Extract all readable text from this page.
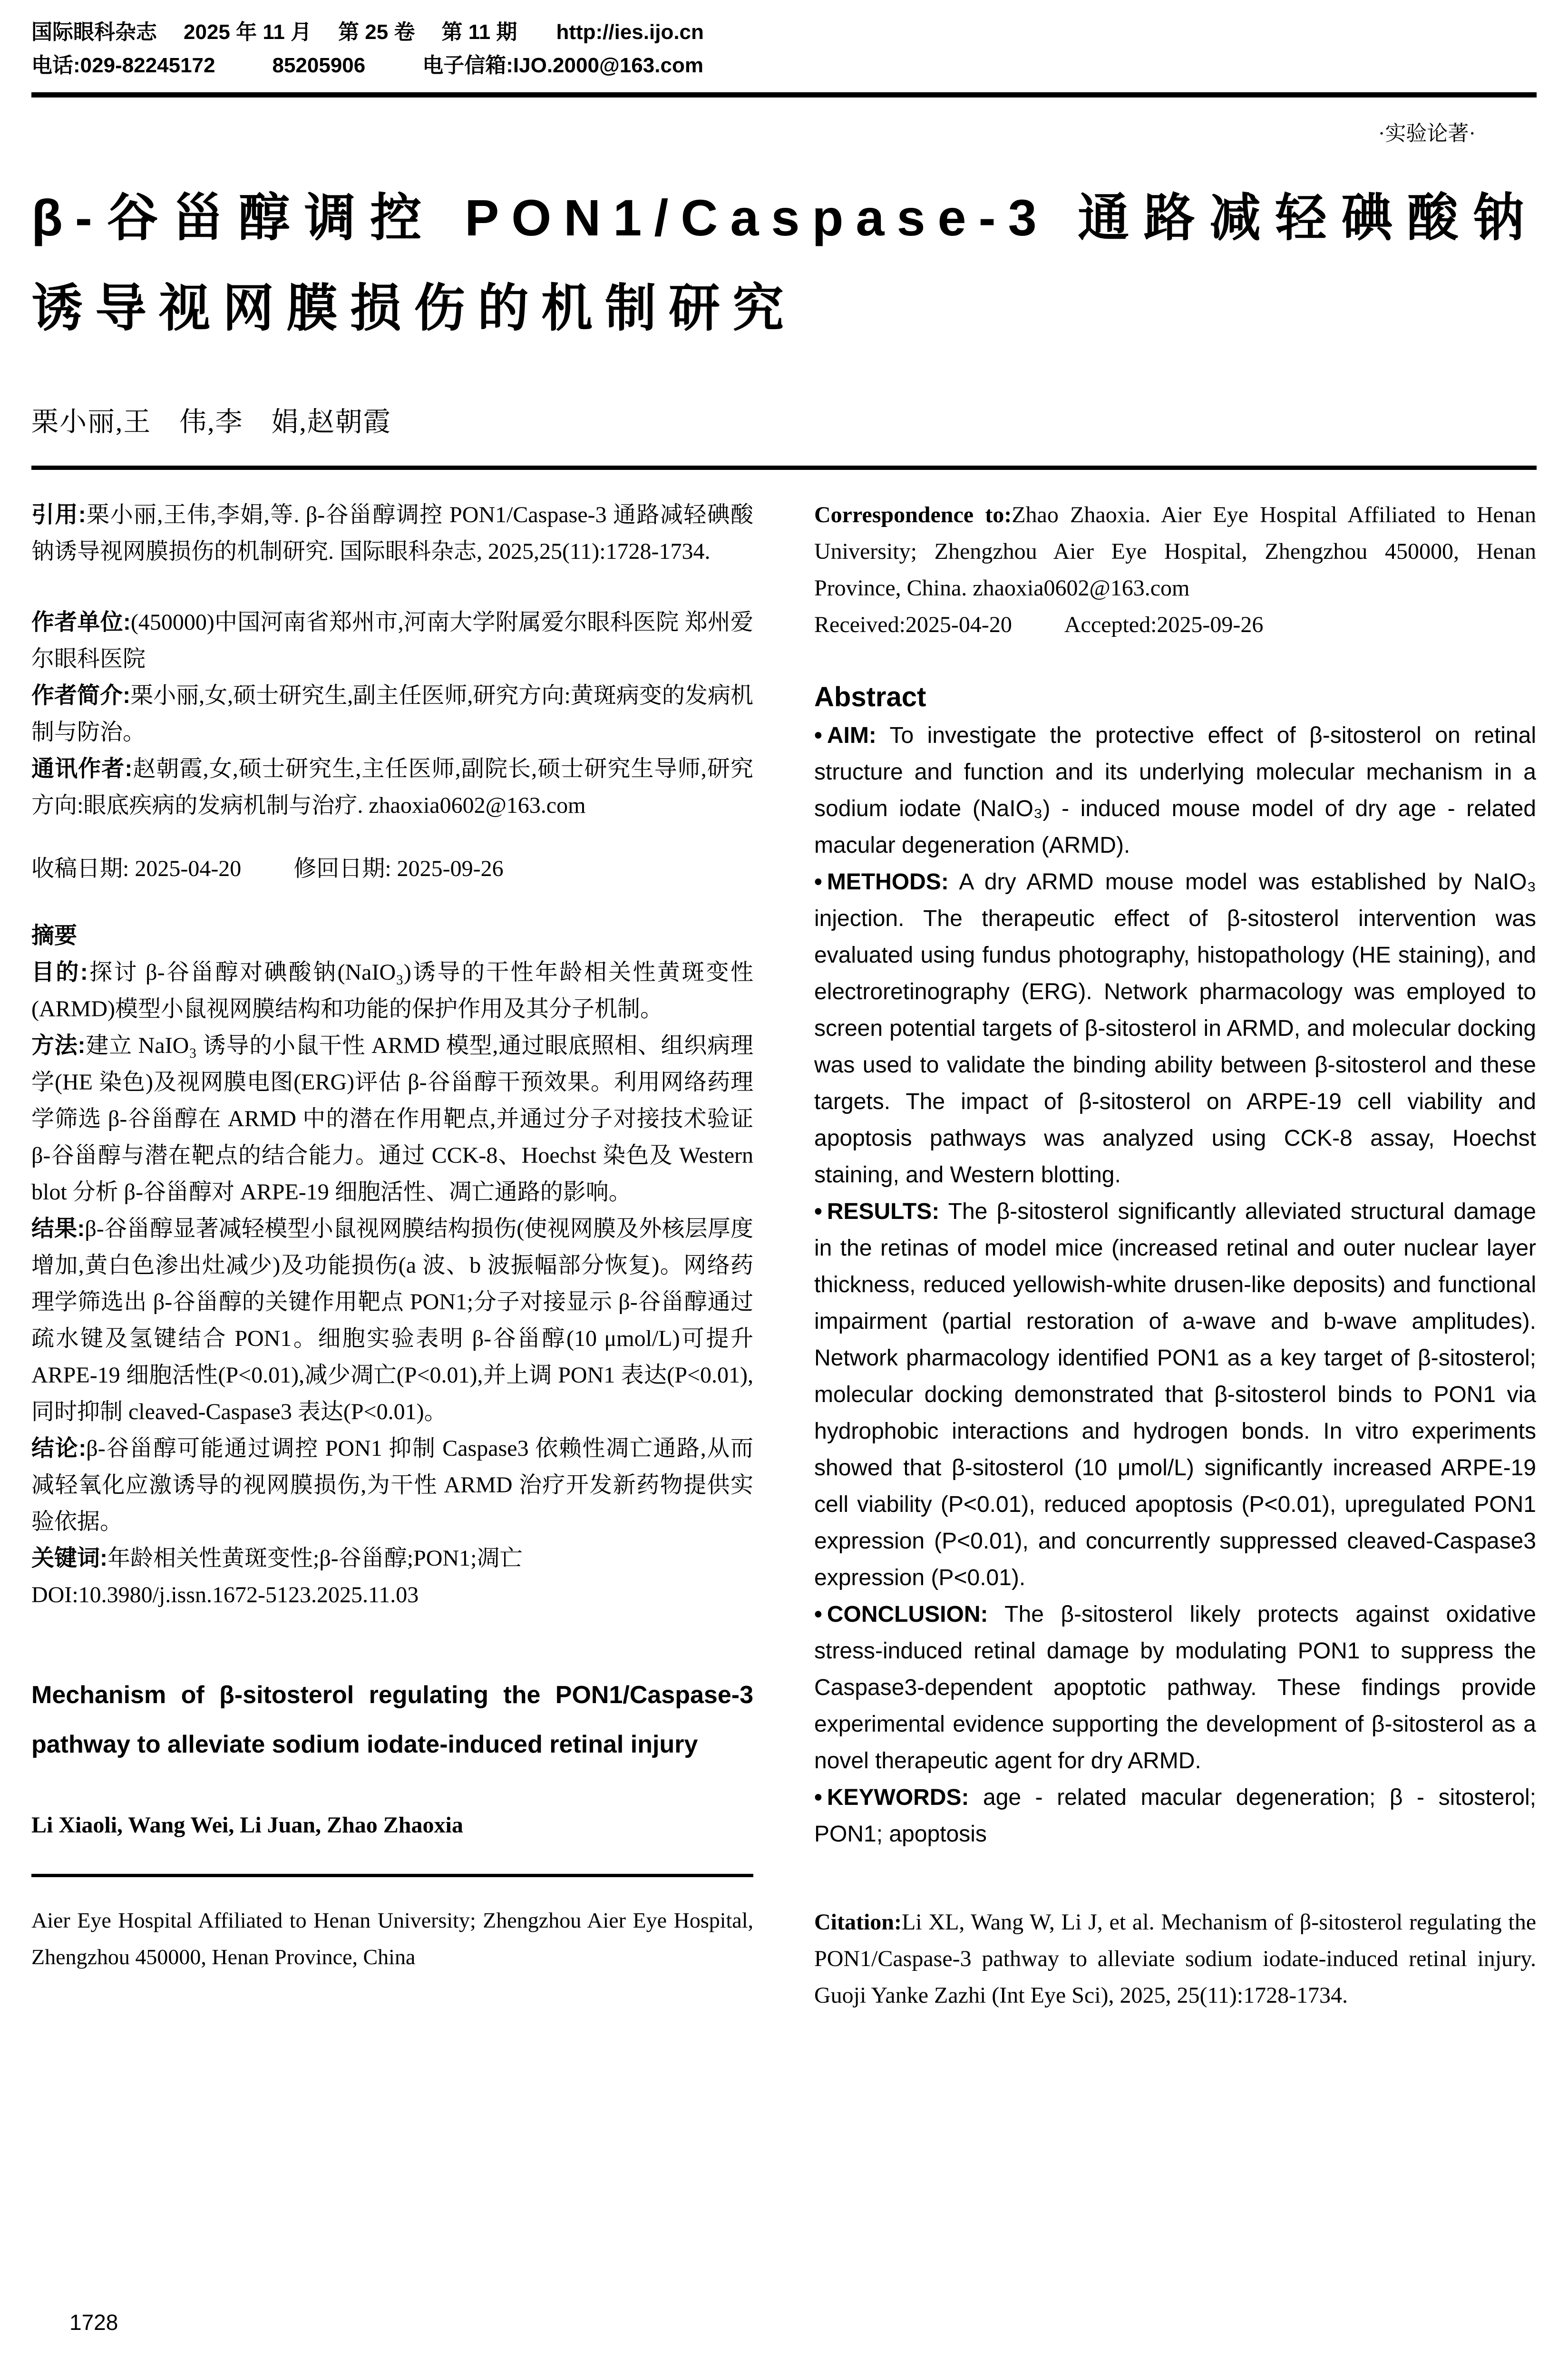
国际眼科杂志 2025 年 11 月 第 25 卷 第 11 期 http://ies.ijo.cn
电话:029-82245172	85205906	电子信箱:IJO.2000@163.com
·实验论著·
β-谷甾醇调控 PON1/Caspase-3 通路减轻碘酸钠诱导视网膜损伤的机制研究
栗小丽,王　伟,李　娟,赵朝霞

引用:栗小丽,王伟,李娟,等. β-谷甾醇调控 PON1/Caspase-3 通路减轻碘酸钠诱导视网膜损伤的机制研究. 国际眼科杂志, 2025,25(11):1728-1734.

作者单位:(450000)中国河南省郑州市,河南大学附属爱尔眼科医院 郑州爱尔眼科医院

作者简介:栗小丽,女,硕士研究生,副主任医师,研究方向:黄斑病变的发病机制与防治。

通讯作者:赵朝霞,女,硕士研究生,主任医师,副院长,硕士研究生导师,研究方向:眼底疾病的发病机制与治疗. zhaoxia0602@163.com

收稿日期: 2025-04-20 修回日期: 2025-09-26

摘要

目的:探讨 β-谷甾醇对碘酸钠(NaIO₃)诱导的干性年龄相关性黄斑变性(ARMD)模型小鼠视网膜结构和功能的保护作用及其分子机制。

方法:建立 NaIO₃ 诱导的小鼠干性 ARMD 模型,通过眼底照相、组织病理学(HE 染色)及视网膜电图(ERG)评估 β-谷甾醇干预效果。利用网络药理学筛选 β-谷甾醇在 ARMD 中的潜在作用靶点,并通过分子对接技术验证 β-谷甾醇与潜在靶点的结合能力。通过 CCK-8、Hoechst 染色及 Western blot 分析 β-谷甾醇对 ARPE-19 细胞活性、凋亡通路的影响。

结果:β-谷甾醇显著减轻模型小鼠视网膜结构损伤(使视网膜及外核层厚度增加,黄白色渗出灶减少)及功能损伤(a 波、b 波振幅部分恢复)。网络药理学筛选出 β-谷甾醇的关键作用靶点 PON1;分子对接显示 β-谷甾醇通过疏水键及氢键结合 PON1。细胞实验表明 β-谷甾醇(10 μmol/L)可提升 ARPE-19 细胞活性(P<0.01),减少凋亡(P<0.01),并上调 PON1 表达(P<0.01),同时抑制 cleaved-Caspase3 表达(P<0.01)。

结论:β-谷甾醇可能通过调控 PON1 抑制 Caspase3 依赖性凋亡通路,从而减轻氧化应激诱导的视网膜损伤,为干性 ARMD 治疗开发新药物提供实验依据。

关键词:年龄相关性黄斑变性;β-谷甾醇;PON1;凋亡

DOI:10.3980/j.issn.1672-5123.2025.11.03

Mechanism of β-sitosterol regulating the PON1/Caspase-3 pathway to alleviate sodium iodate-induced retinal injury
Li Xiaoli, Wang Wei, Li Juan, Zhao Zhaoxia

Aier Eye Hospital Affiliated to Henan University; Zhengzhou Aier Eye Hospital, Zhengzhou 450000, Henan Province, China

Correspondence to:Zhao Zhaoxia. Aier Eye Hospital Affiliated to Henan University; Zhengzhou Aier Eye Hospital, Zhengzhou 450000, Henan Province, China. zhaoxia0602@163.com

Received:2025-04-20 Accepted:2025-09-26

Abstract

• AIM: To investigate the protective effect of β-sitosterol on retinal structure and function and its underlying molecular mechanism in a sodium iodate (NaIO₃) - induced mouse model of dry age - related macular degeneration (ARMD).

• METHODS: A dry ARMD mouse model was established by NaIO₃ injection. The therapeutic effect of β-sitosterol intervention was evaluated using fundus photography, histopathology (HE staining), and electroretinography (ERG). Network pharmacology was employed to screen potential targets of β-sitosterol in ARMD, and molecular docking was used to validate the binding ability between β-sitosterol and these targets. The impact of β-sitosterol on ARPE-19 cell viability and apoptosis pathways was analyzed using CCK-8 assay, Hoechst staining, and Western blotting.

• RESULTS: The β-sitosterol significantly alleviated structural damage in the retinas of model mice (increased retinal and outer nuclear layer thickness, reduced yellowish-white drusen-like deposits) and functional impairment (partial restoration of a-wave and b-wave amplitudes). Network pharmacology identified PON1 as a key target of β-sitosterol; molecular docking demonstrated that β-sitosterol binds to PON1 via hydrophobic interactions and hydrogen bonds. In vitro experiments showed that β-sitosterol (10 μmol/L) significantly increased ARPE-19 cell viability (P<0.01), reduced apoptosis (P<0.01), upregulated PON1 expression (P<0.01), and concurrently suppressed cleaved-Caspase3 expression (P<0.01).

• CONCLUSION: The β-sitosterol likely protects against oxidative stress-induced retinal damage by modulating PON1 to suppress the Caspase3-dependent apoptotic pathway. These findings provide experimental evidence supporting the development of β-sitosterol as a novel therapeutic agent for dry ARMD.

• KEYWORDS: age - related macular degeneration; β - sitosterol; PON1; apoptosis

Citation:Li XL, Wang W, Li J, et al. Mechanism of β-sitosterol regulating the PON1/Caspase-3 pathway to alleviate sodium iodate-induced retinal injury. Guoji Yanke Zazhi (Int Eye Sci), 2025, 25(11):1728-1734.

1728
